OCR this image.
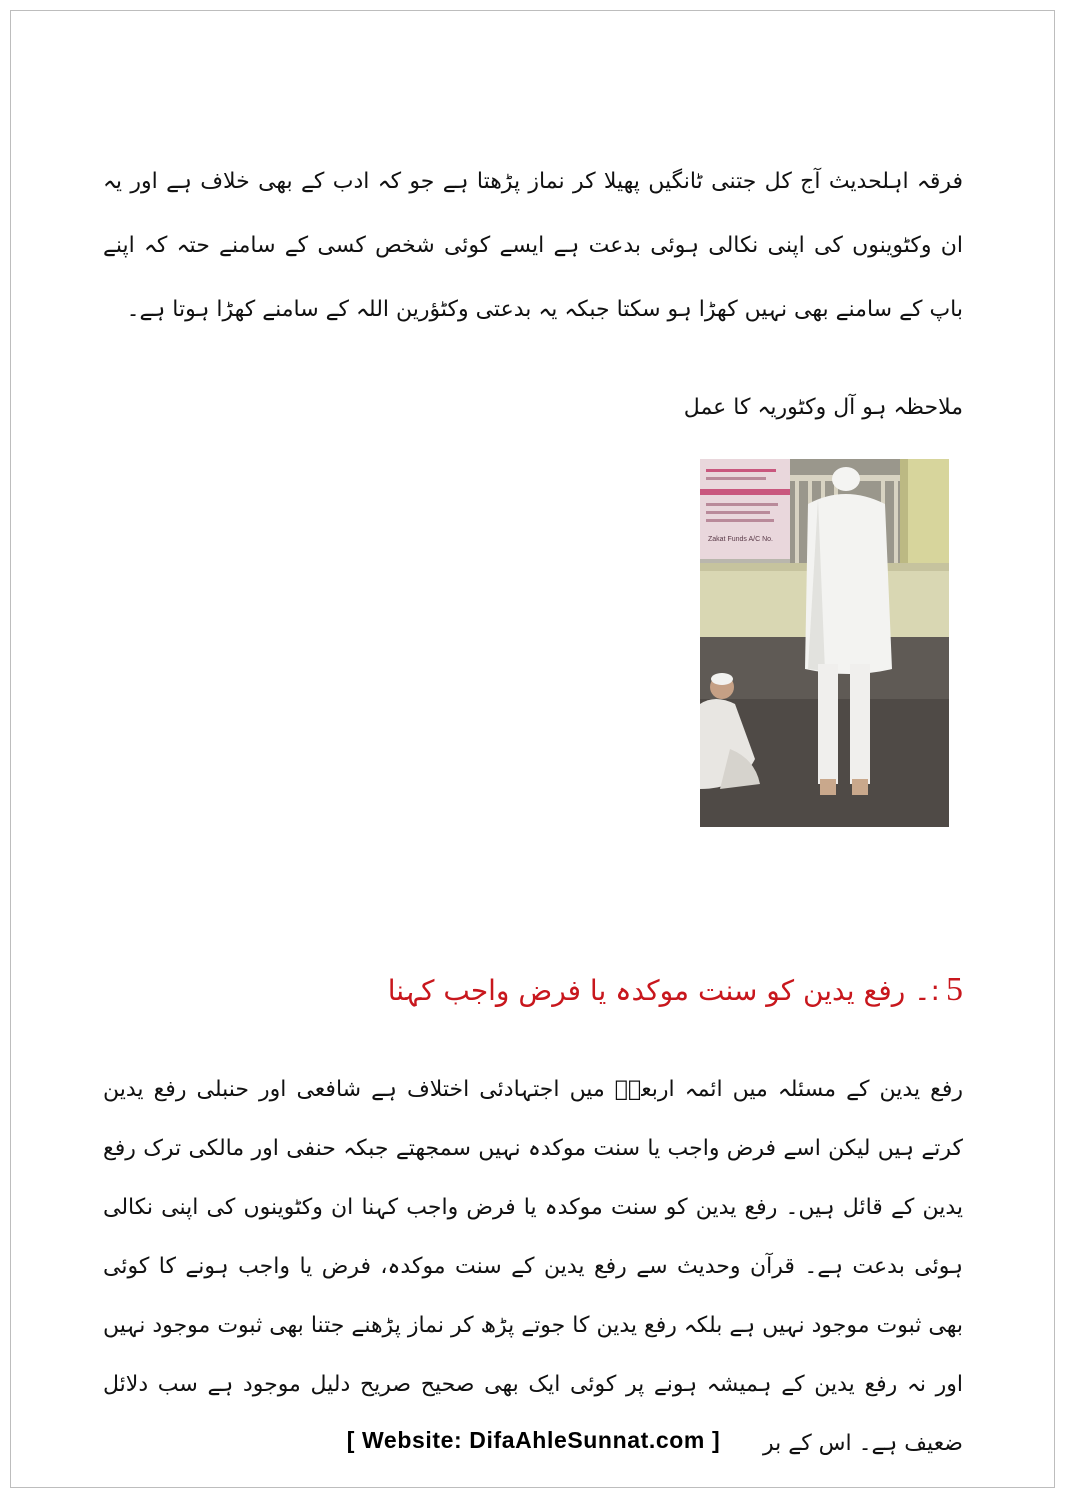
فرقہ اہلحدیث آج کل جتنی ٹانگیں پھیلا کر نماز پڑھتا ہے جو کہ ادب کے بھی خلاف ہے اور یہ ان وکٹوینوں کی اپنی نکالی ہوئی بدعت ہے ایسے کوئی شخص کسی کے سامنے حتہ کہ اپنے باپ کے سامنے بھی نہیں کھڑا ہو سکتا جبکہ یہ بدعتی وکٹؤرین اللہ کے سامنے کھڑا ہوتا ہے۔

ملاحظہ ہو آل وکٹوریہ کا عمل

Zakat Funds A/C No.
5:۔ رفع یدین کو سنت موکدہ یا فرض واجب کہنا

رفع یدین کے مسئلہ میں ائمہ اربعہؒ میں اجتہادئی اختلاف ہے شافعی اور حنبلی رفع یدین کرتے ہیں لیکن اسے فرض واجب یا سنت موکدہ نہیں سمجھتے جبکہ حنفی اور مالکی ترک رفع یدین کے قائل ہیں۔ رفع یدین کو سنت موکدہ یا فرض واجب کہنا ان وکٹوینوں کی اپنی نکالی ہوئی بدعت ہے۔ قرآن وحدیث سے رفع یدین کے سنت موکدہ، فرض یا واجب ہونے کا کوئی بھی ثبوت موجود نہیں ہے بلکہ رفع یدین کا جوتے پڑھ کر نماز پڑھنے جتنا بھی ثبوت موجود نہیں اور نہ رفع یدین کے ہمیشہ ہونے پر کوئی ایک بھی صحیح صریح دلیل موجود ہے سب دلائل ضعیف ہے۔ اس کے بر

[ Website: DifaAhleSunnat.com ]
